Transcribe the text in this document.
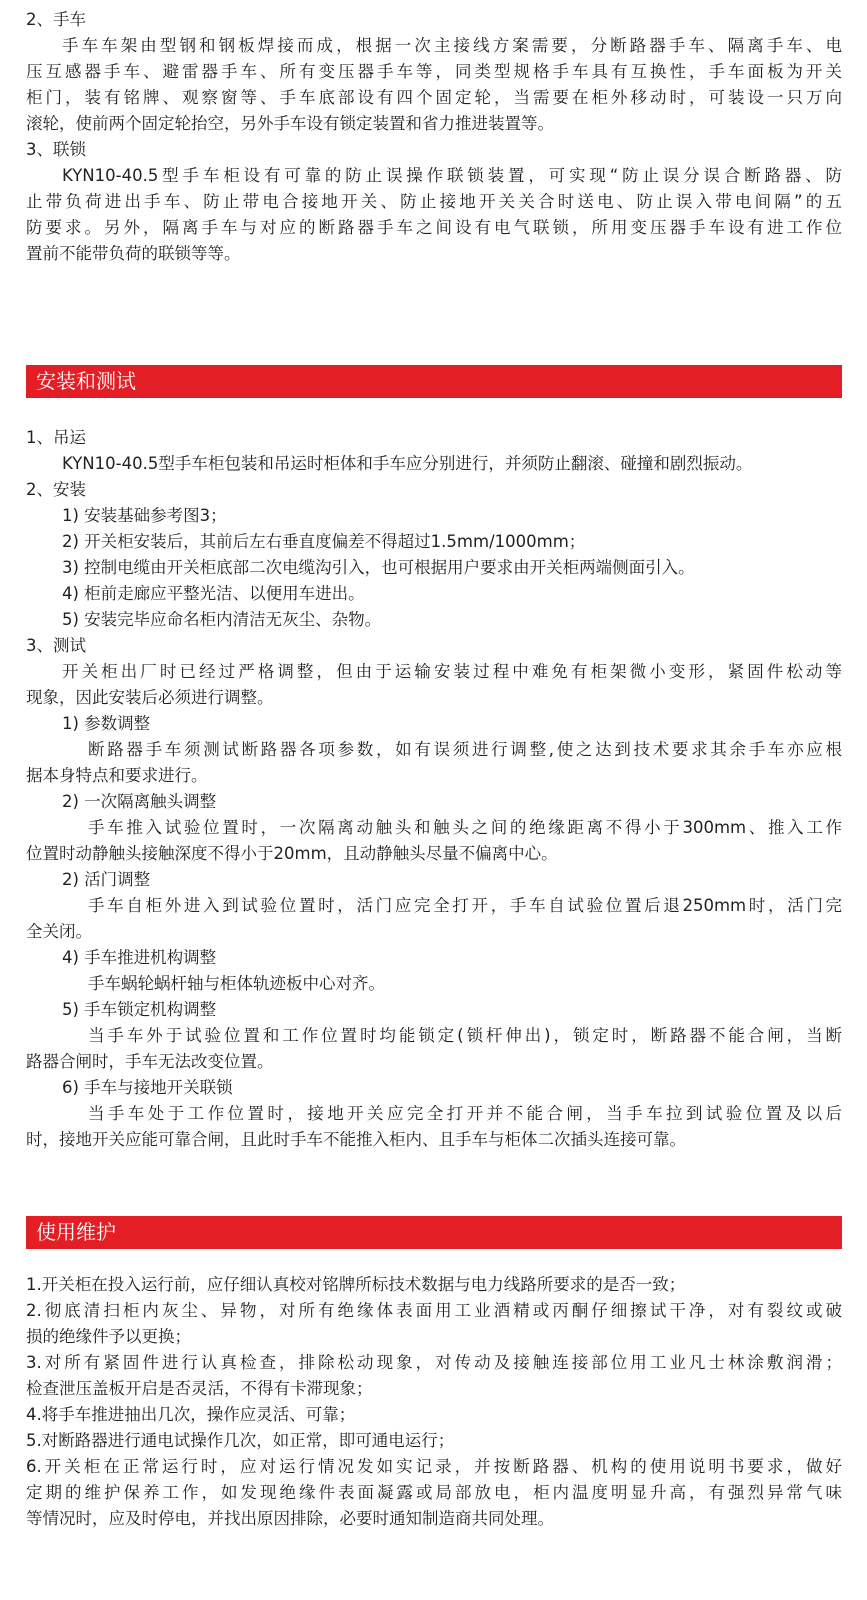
2、手车
手车车架由型钢和钢板焊接而成，根据一次主接线方案需要，分断路器手车、隔离手车、电
压互感器手车、避雷器手车、所有变压器手车等，同类型规格手车具有互换性，手车面板为开关
柜门，装有铭牌、观察窗等、手车底部设有四个固定轮，当需要在柜外移动时，可装设一只万向
滚轮，使前两个固定轮抬空，另外手车设有锁定装置和省力推进装置等。
3、联锁
KYN10-40.5型手车柜设有可靠的防止误操作联锁装置，可实现“防止误分误合断路器、防
止带负荷进出手车、防止带电合接地开关、防止接地开关关合时送电、防止误入带电间隔”的五
防要求。另外，隔离手车与对应的断路器手车之间设有电气联锁，所用变压器手车设有进工作位
置前不能带负荷的联锁等等。
安装和测试
1、吊运
KYN10-40.5型手车柜包装和吊运时柜体和手车应分别进行，并须防止翻滚、碰撞和剧烈振动。
2、安装
1) 安装基础参考图3；
2) 开关柜安装后，其前后左右垂直度偏差不得超过1.5mm/1000mm；
3) 控制电缆由开关柜底部二次电缆沟引入，也可根据用户要求由开关柜两端侧面引入。
4) 柜前走廊应平整光洁、以便用车进出。
5) 安装完毕应命名柜内清洁无灰尘、杂物。
3、测试
开关柜出厂时已经过严格调整，但由于运输安装过程中难免有柜架微小变形，紧固件松动等
现象，因此安装后必须进行调整。
1) 参数调整
断路器手车须测试断路器各项参数，如有误须进行调整,使之达到技术要求其余手车亦应根
据本身特点和要求进行。
2) 一次隔离触头调整
手车推入试验位置时，一次隔离动触头和触头之间的绝缘距离不得小于300mm、推入工作
位置时动静触头接触深度不得小于20mm，且动静触头尽量不偏离中心。
2) 活门调整
手车自柜外进入到试验位置时，活门应完全打开，手车自试验位置后退250mm时，活门完
全关闭。
4) 手车推进机构调整
手车蜗轮蜗杆轴与柜体轨迹板中心对齐。
5) 手车锁定机构调整
当手车外于试验位置和工作位置时均能锁定(锁杆伸出)，锁定时，断路器不能合闸，当断
路器合闸时，手车无法改变位置。
6) 手车与接地开关联锁
当手车处于工作位置时，接地开关应完全打开并不能合闸，当手车拉到试验位置及以后
时，接地开关应能可靠合闸，且此时手车不能推入柜内、且手车与柜体二次插头连接可靠。
使用维护
1.开关柜在投入运行前，应仔细认真校对铭牌所标技术数据与电力线路所要求的是否一致；
2.彻底清扫柜内灰尘、异物，对所有绝缘体表面用工业酒精或丙酮仔细擦试干净，对有裂纹或破
损的绝缘件予以更换；
3.对所有紧固件进行认真检查，排除松动现象，对传动及接触连接部位用工业凡士林涂敷润滑；
检查泄压盖板开启是否灵活，不得有卡滞现象；
4.将手车推进抽出几次，操作应灵活、可靠；
5.对断路器进行通电试操作几次，如正常，即可通电运行；
6.开关柜在正常运行时，应对运行情况发如实记录，并按断路器、机构的使用说明书要求，做好
定期的维护保养工作，如发现绝缘件表面凝露或局部放电，柜内温度明显升高，有强烈异常气味
等情况时，应及时停电，并找出原因排除，必要时通知制造商共同处理。
